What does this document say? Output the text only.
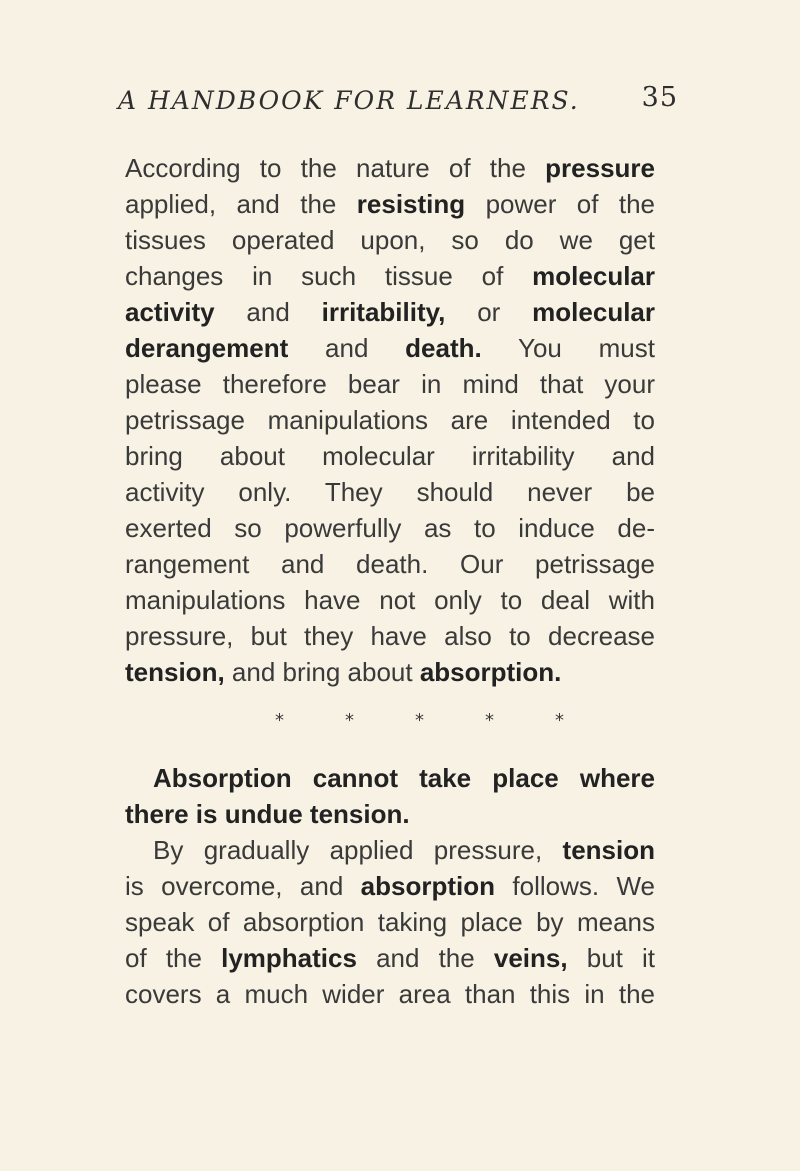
A HANDBOOK FOR LEARNERS. 35
According to the nature of the pressure
applied, and the resisting power of the
tissues operated upon, so do we get
changes in such tissue of molecular
activity and irritability, or molecular
derangement and death. You must
please therefore bear in mind that your
petrissage manipulations are intended to
bring about molecular irritability and
activity only. They should never be
exerted so powerfully as to induce de-
rangement and death. Our petrissage
manipulations have not only to deal with
pressure, but they have also to decrease
tension, and bring about absorption.
*	*	*	*	*
Absorption cannot take place where
there is undue tension.
By gradually applied pressure, tension
is overcome, and absorption follows. We
speak of absorption taking place by means
of the lymphatics and the veins, but it
covers a much wider area than this in the
